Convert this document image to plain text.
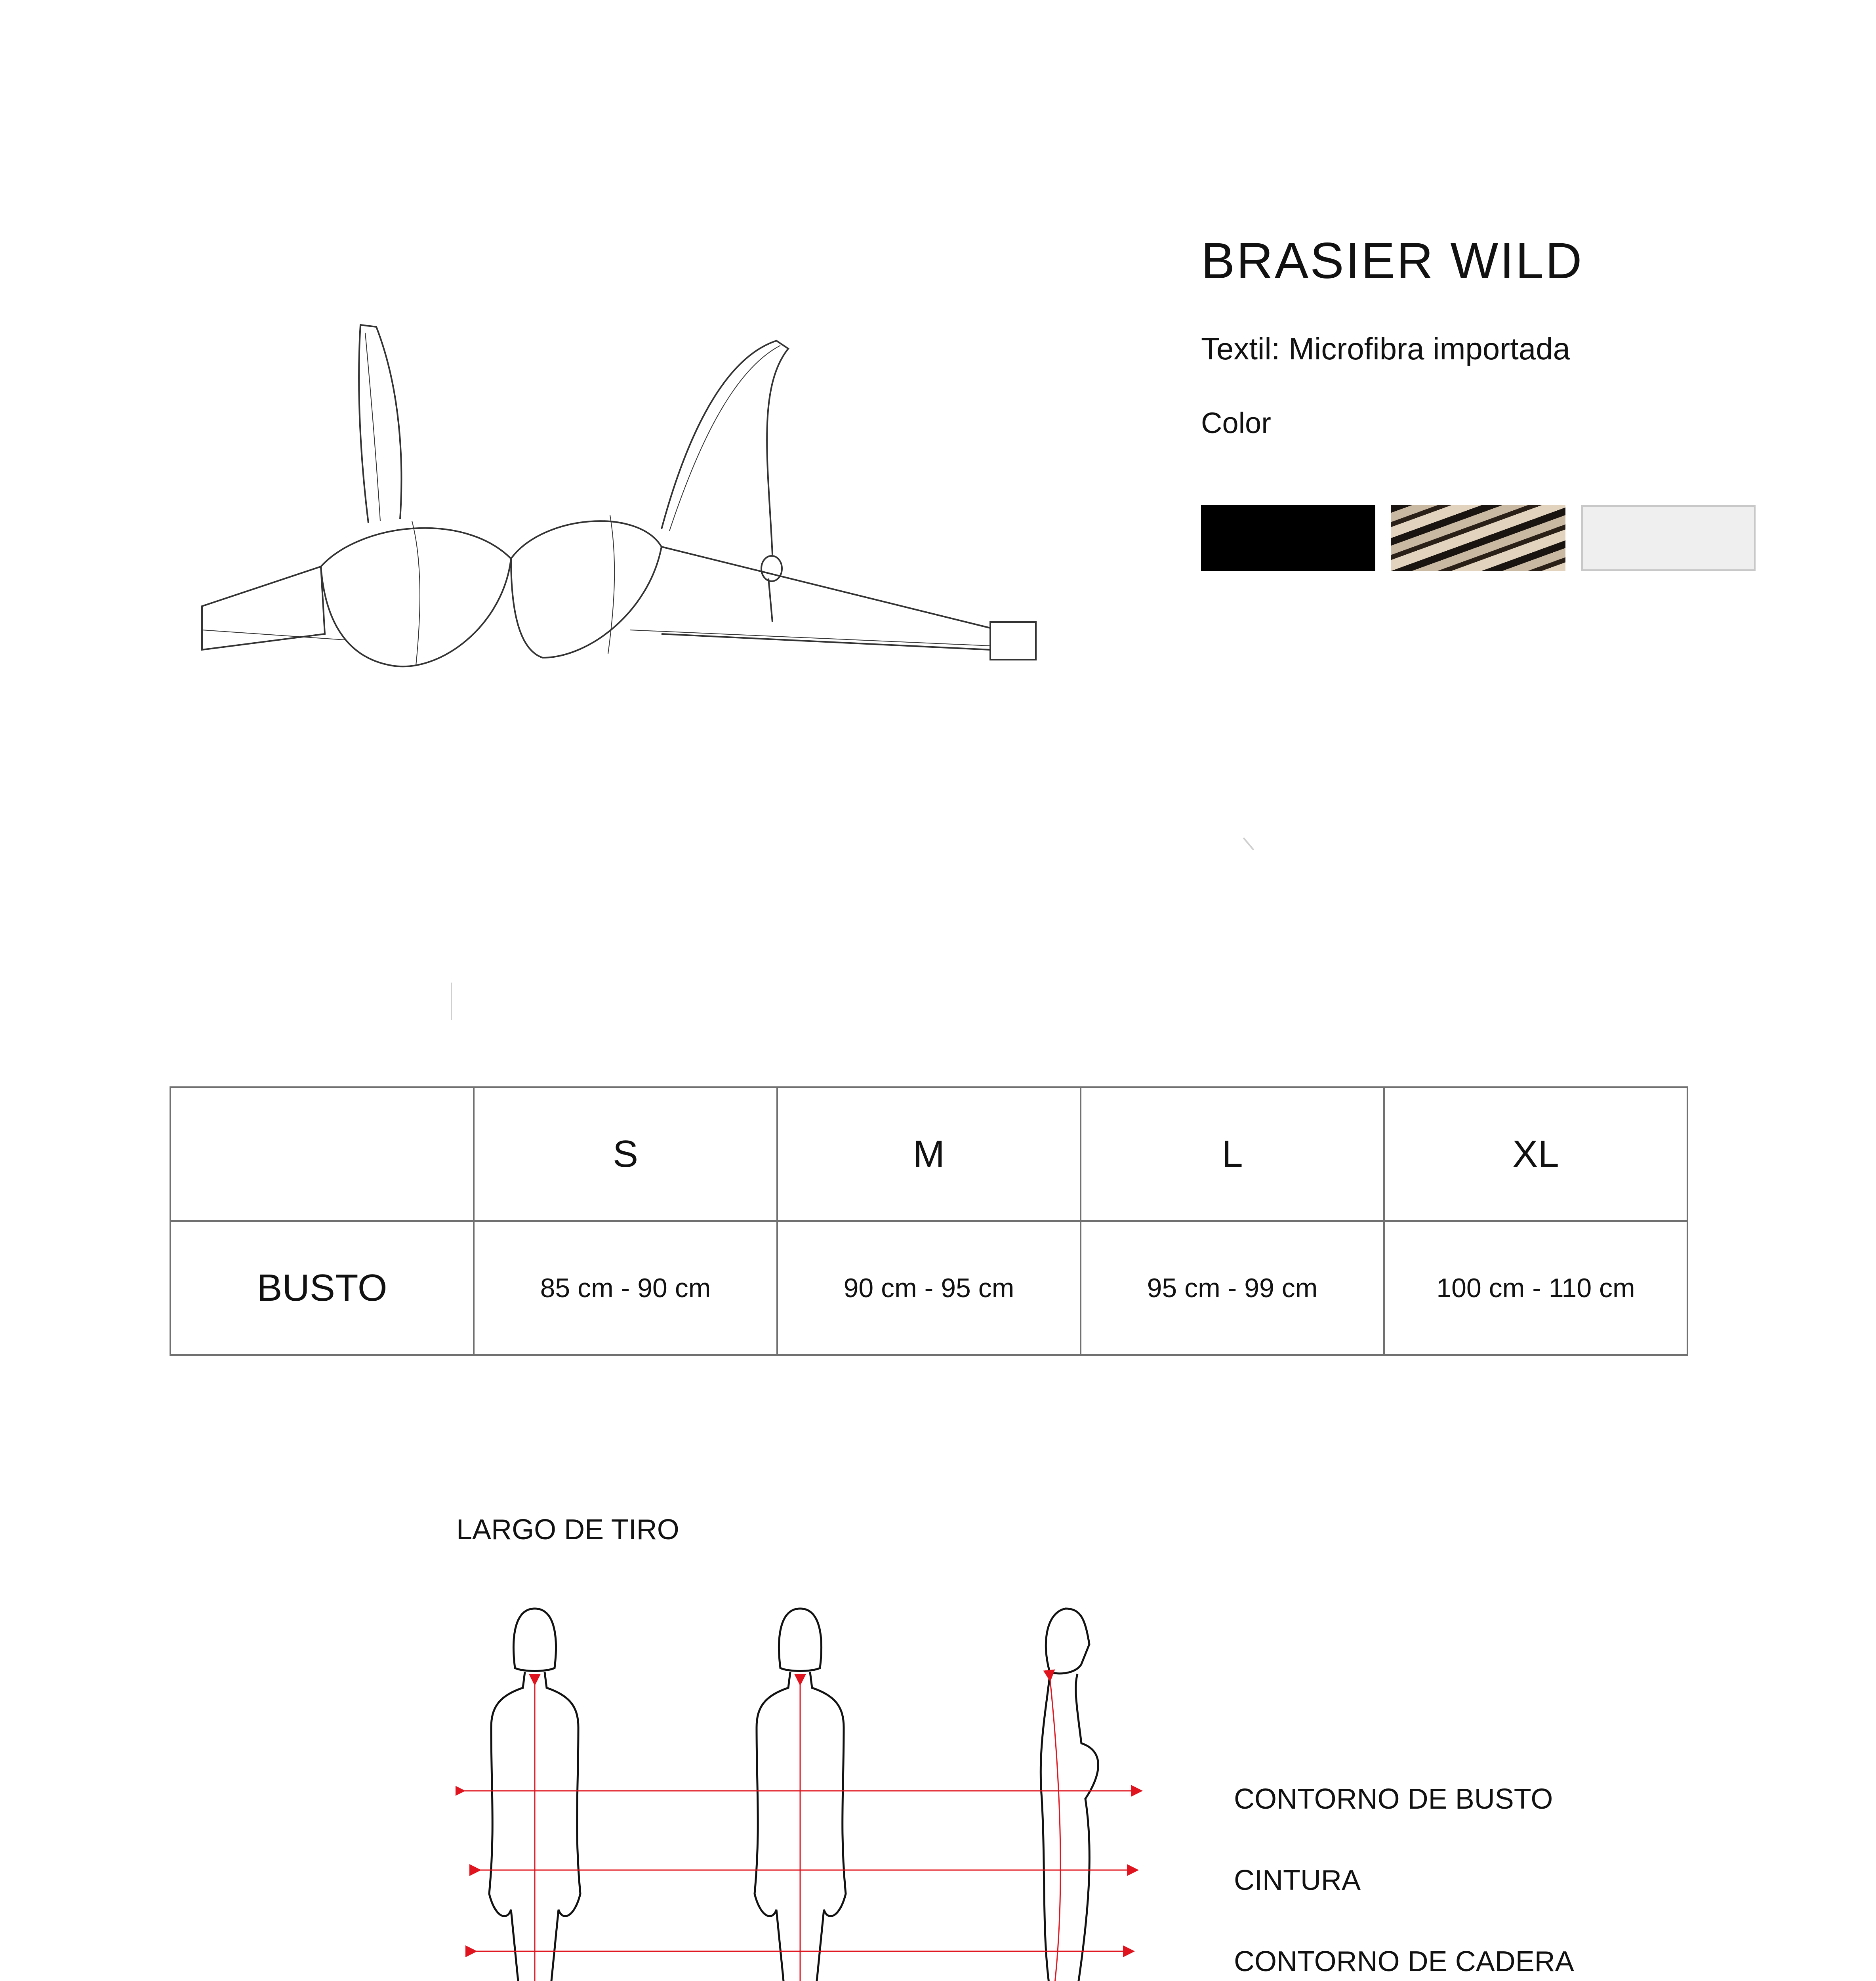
BRASIER WILD
Textil: Microfibra importada
Color
	S	M	L	XL
BUSTO	85 cm - 90 cm	90 cm - 95 cm	95 cm - 99 cm	100 cm - 110 cm
LARGO DE TIRO
CONTORNO DE BUSTO
CINTURA
CONTORNO DE CADERA
